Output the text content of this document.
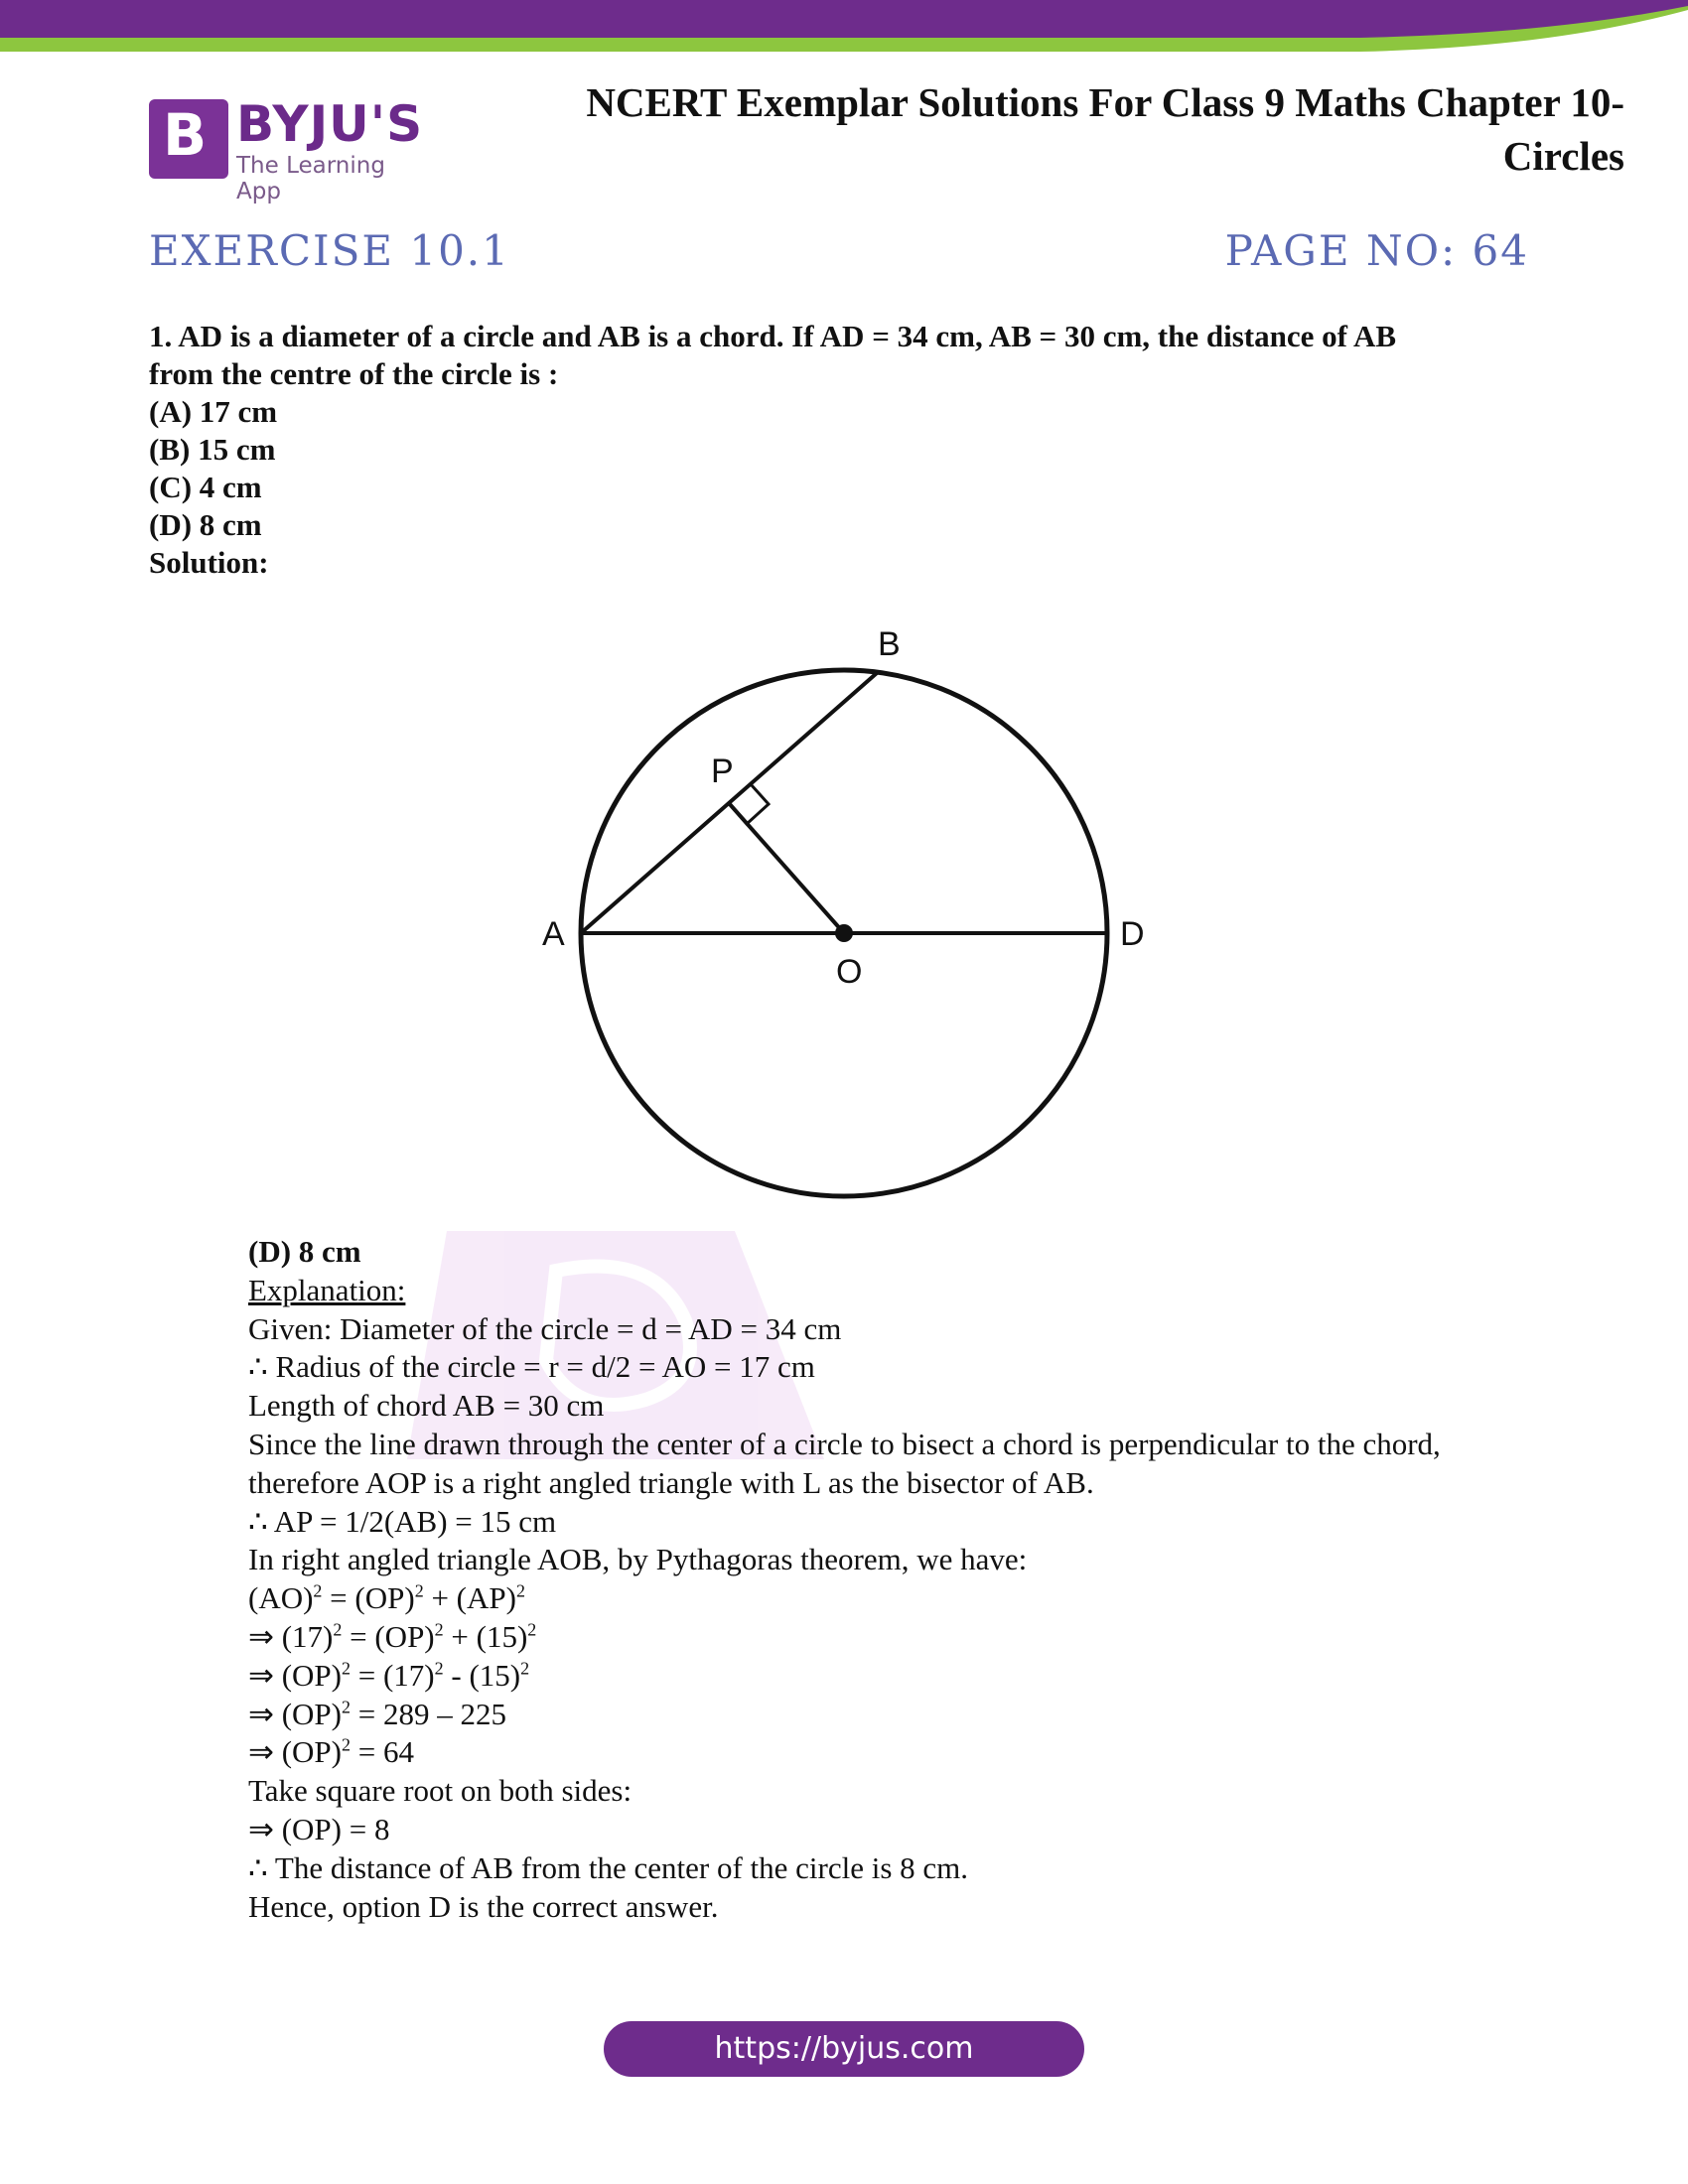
B BYJU'S
The Learning App
NCERT Exemplar Solutions For Class 9 Maths Chapter 10-
Circles
EXERCISE 10.1	PAGE NO: 64
1. AD is a diameter of a circle and AB is a chord. If AD = 34 cm, AB = 30 cm, the distance of AB
from the centre of the circle is :
(A) 17 cm
(B) 15 cm
(C) 4 cm
(D) 8 cm
Solution:
A
B
D
O
P
(D) 8 cm
Explanation:
Given: Diameter of the circle = d = AD = 34 cm
∴ Radius of the circle = r = d/2 = AO = 17 cm
Length of chord AB = 30 cm
Since the line drawn through the center of a circle to bisect a chord is perpendicular to the chord,
therefore AOP is a right angled triangle with L as the bisector of AB.
∴ AP = 1/2(AB) = 15 cm
In right angled triangle AOB, by Pythagoras theorem, we have:
(AO)$^2$ = (OP)$^2$ + (AP)$^2$
⇒ $(17)^2 = (OP)^2 + (15)^2$
⇒ $(OP)^2 = (17)^2 - (15)^2$
⇒ (OP)$^2$ = 289 – 225
⇒ (OP)$^2$ = 64
Take square root on both sides:
⇒ (OP) = 8
∴ The distance of AB from the center of the circle is 8 cm.
Hence, option D is the correct answer.
https://byjus.com
